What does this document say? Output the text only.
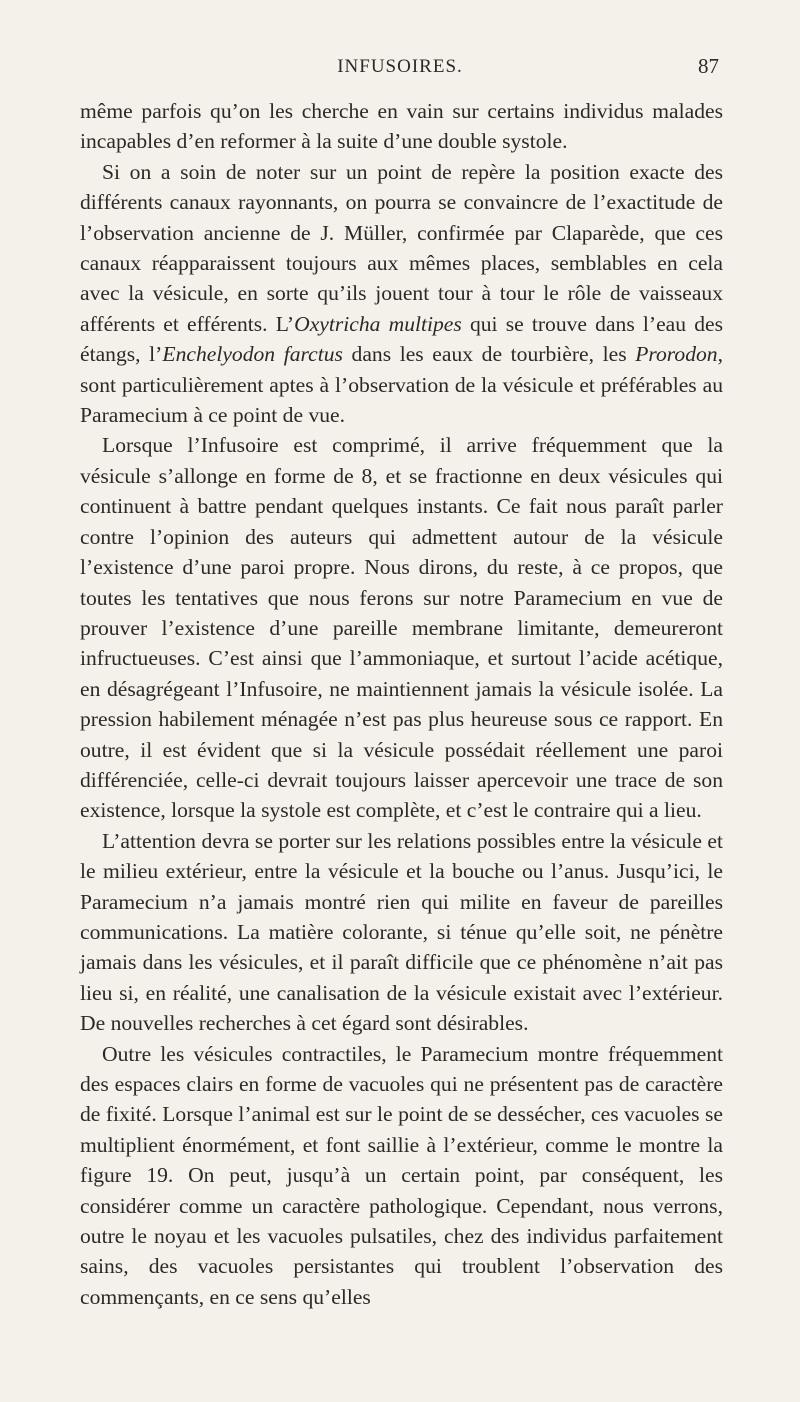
INFUSOIRES.	87

même parfois qu’on les cherche en vain sur certains individus malades incapables d’en reformer à la suite d’une double systole.

Si on a soin de noter sur un point de repère la position exacte des différents canaux rayonnants, on pourra se convaincre de l’exactitude de l’observation ancienne de J. Müller, confirmée par Claparède, que ces canaux réapparaissent toujours aux mêmes places, semblables en cela avec la vésicule, en sorte qu’ils jouent tour à tour le rôle de vaisseaux afférents et efférents. L’Oxytricha multipes qui se trouve dans l’eau des étangs, l’Enchelyodon farctus dans les eaux de tourbière, les Prorodon, sont particulièrement aptes à l’observation de la vésicule et préférables au Paramecium à ce point de vue.

Lorsque l’Infusoire est comprimé, il arrive fréquemment que la vésicule s’allonge en forme de 8, et se fractionne en deux vésicules qui continuent à battre pendant quelques instants. Ce fait nous paraît parler contre l’opinion des auteurs qui admettent autour de la vésicule l’existence d’une paroi propre. Nous dirons, du reste, à ce propos, que toutes les tentatives que nous ferons sur notre Paramecium en vue de prouver l’existence d’une pareille membrane limitante, demeureront infructueuses. C’est ainsi que l’ammoniaque, et surtout l’acide acétique, en désagrégeant l’Infusoire, ne maintiennent jamais la vésicule isolée. La pression habilement ménagée n’est pas plus heureuse sous ce rapport. En outre, il est évident que si la vésicule possédait réellement une paroi différenciée, celle-ci devrait toujours laisser apercevoir une trace de son existence, lorsque la systole est complète, et c’est le contraire qui a lieu.

L’attention devra se porter sur les relations possibles entre la vésicule et le milieu extérieur, entre la vésicule et la bouche ou l’anus. Jusqu’ici, le Paramecium n’a jamais montré rien qui milite en faveur de pareilles communications. La matière colorante, si ténue qu’elle soit, ne pénètre jamais dans les vésicules, et il paraît difficile que ce phénomène n’ait pas lieu si, en réalité, une canalisation de la vésicule existait avec l’extérieur. De nouvelles recherches à cet égard sont désirables.

Outre les vésicules contractiles, le Paramecium montre fréquemment des espaces clairs en forme de vacuoles qui ne présentent pas de caractère de fixité. Lorsque l’animal est sur le point de se dessécher, ces vacuoles se multiplient énormément, et font saillie à l’extérieur, comme le montre la figure 19. On peut, jusqu’à un certain point, par conséquent, les considérer comme un caractère pathologique. Cependant, nous verrons, outre le noyau et les vacuoles pulsatiles, chez des individus parfaitement sains, des vacuoles persistantes qui troublent l’observation des commençants, en ce sens qu’elles
